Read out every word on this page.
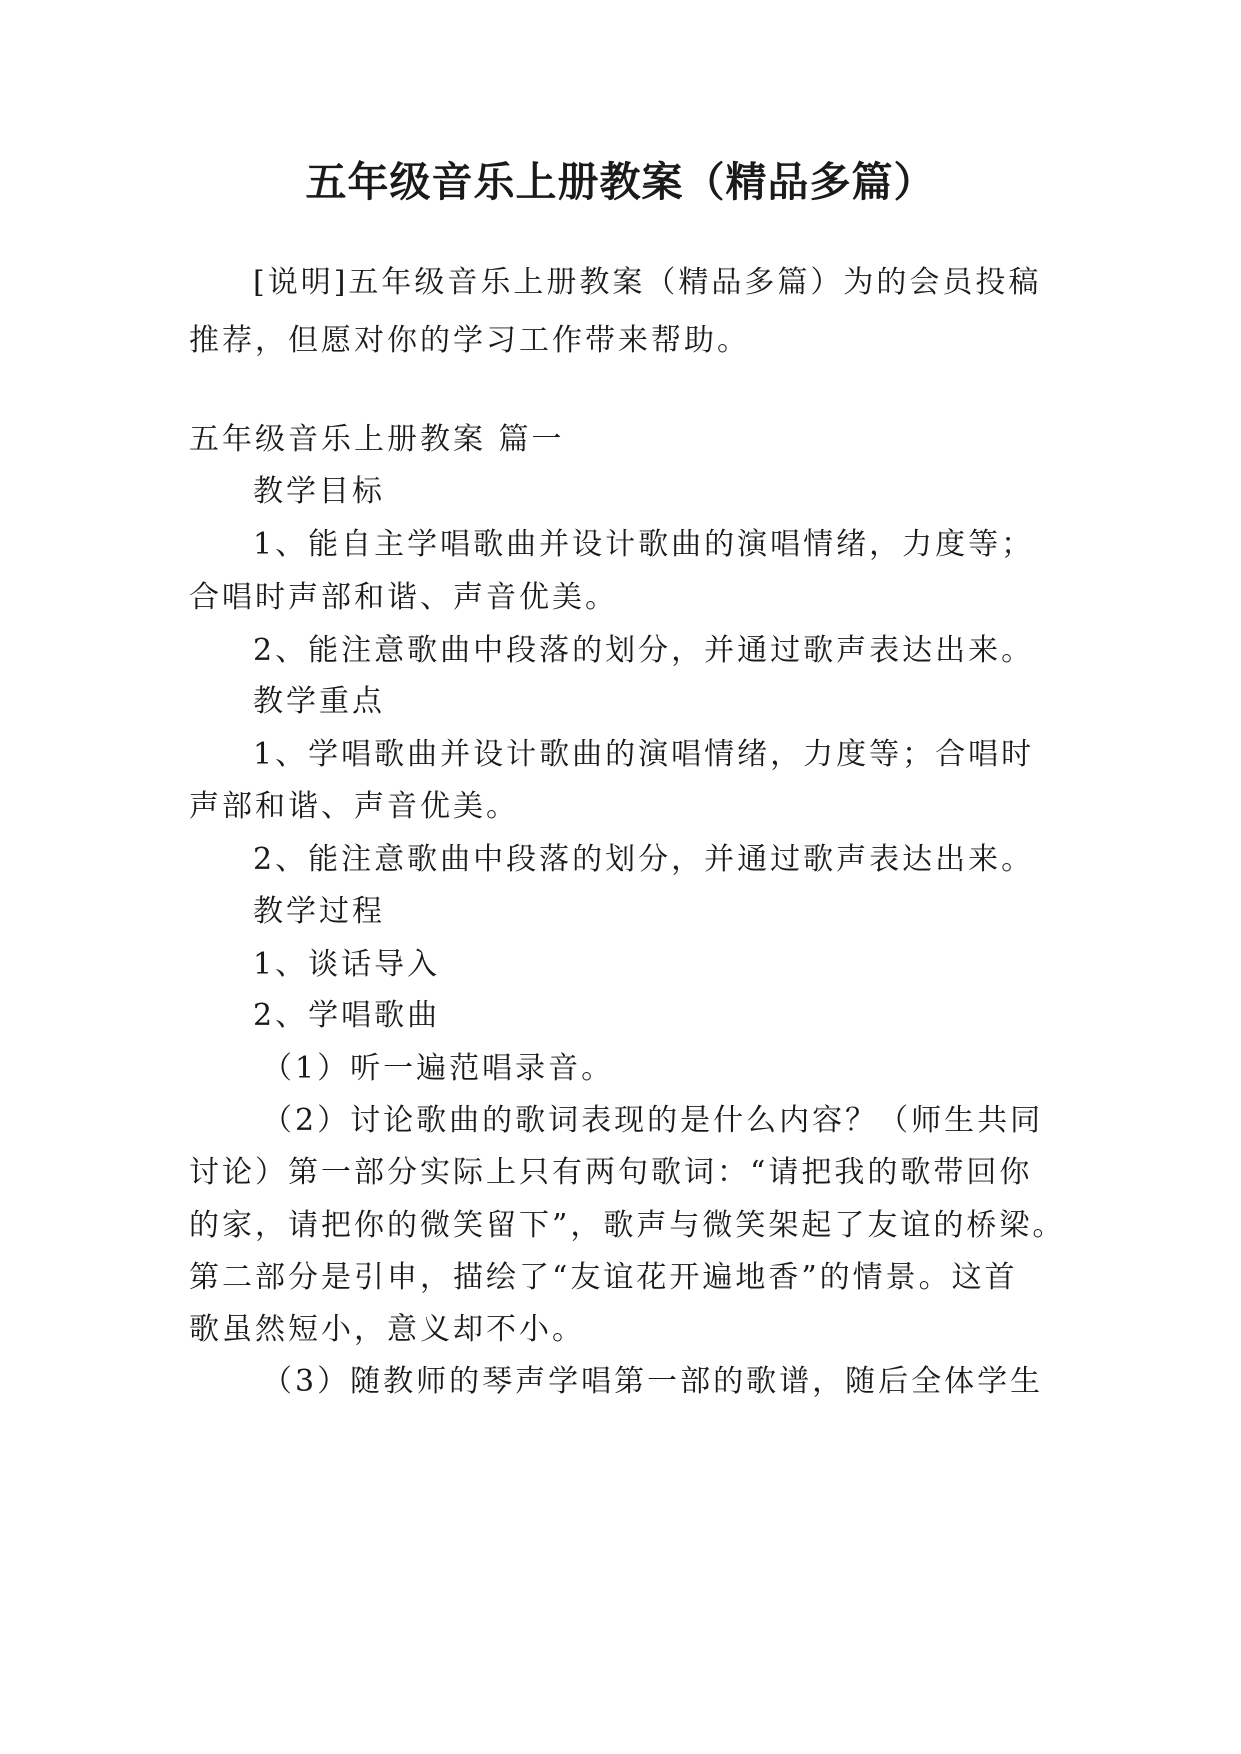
五年级音乐上册教案（精品多篇）
[说明]五年级音乐上册教案（精品多篇）为的会员投稿
推荐，但愿对你的学习工作带来帮助。
五年级音乐上册教案 篇一
教学目标
1、能自主学唱歌曲并设计歌曲的演唱情绪，力度等；
合唱时声部和谐、声音优美。
2、能注意歌曲中段落的划分，并通过歌声表达出来。
教学重点
1、学唱歌曲并设计歌曲的演唱情绪，力度等；合唱时
声部和谐、声音优美。
2、能注意歌曲中段落的划分，并通过歌声表达出来。
教学过程
1、谈话导入
2、学唱歌曲
（1）听一遍范唱录音。
（2）讨论歌曲的歌词表现的是什么内容？（师生共同
讨论）第一部分实际上只有两句歌词：“请把我的歌带回你
的家，请把你的微笑留下”，歌声与微笑架起了友谊的桥梁。
第二部分是引申，描绘了“友谊花开遍地香”的情景。这首
歌虽然短小，意义却不小。
（3）随教师的琴声学唱第一部的歌谱，随后全体学生
